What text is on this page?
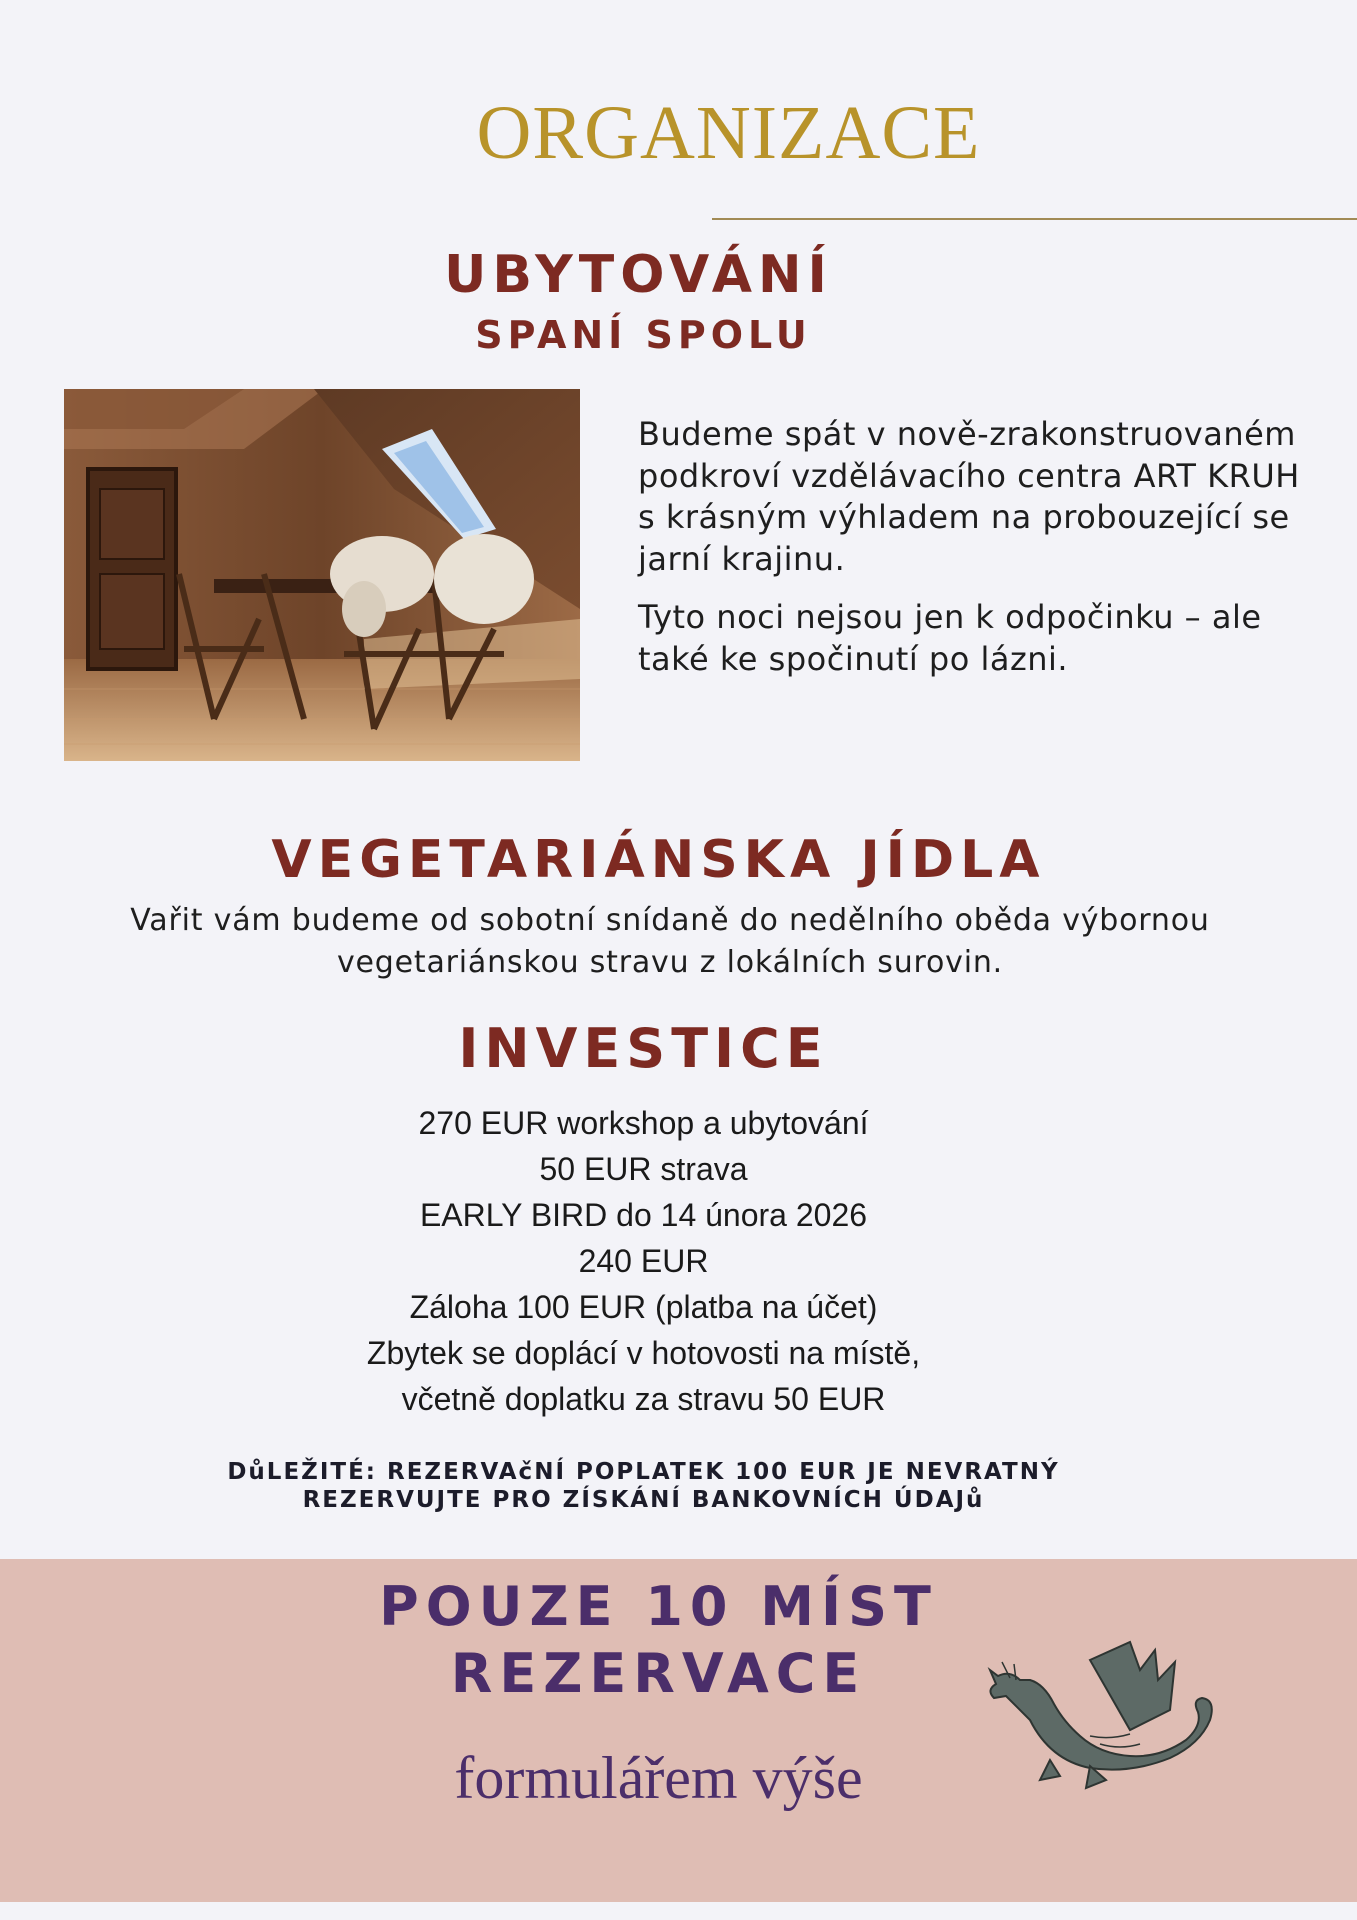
ORGANIZACE
UBYTOVÁNÍ
SPANÍ SPOLU

Budeme spát v nově-zrakonstruovaném podkroví vzdělávacího centra ART KRUH s krásným výhladem na probouzející se jarní krajinu.

Tyto noci nejsou jen k odpočinku – ale také ke spočinutí po lázni.

VEGETARIÁNSKA JÍDLA
Vařit vám budeme od sobotní snídaně do nedělního oběda výbornou vegetariánskou stravu z lokálních surovin.
INVESTICE
270 EUR workshop a ubytování
50 EUR strava
EARLY BIRD do 14 února 2026
240 EUR
Záloha 100 EUR (platba na účet)
Zbytek se doplácí v hotovosti na místě,
včetně doplatku za stravu 50 EUR
DůLEŽITÉ: REZERVAčNÍ POPLATEK 100 EUR JE NEVRATNÝ
REZERVUJTE PRO ZÍSKÁNÍ BANKOVNÍCH ÚDAJů
POUZE 10 MÍST
REZERVACE
formulářem výše
